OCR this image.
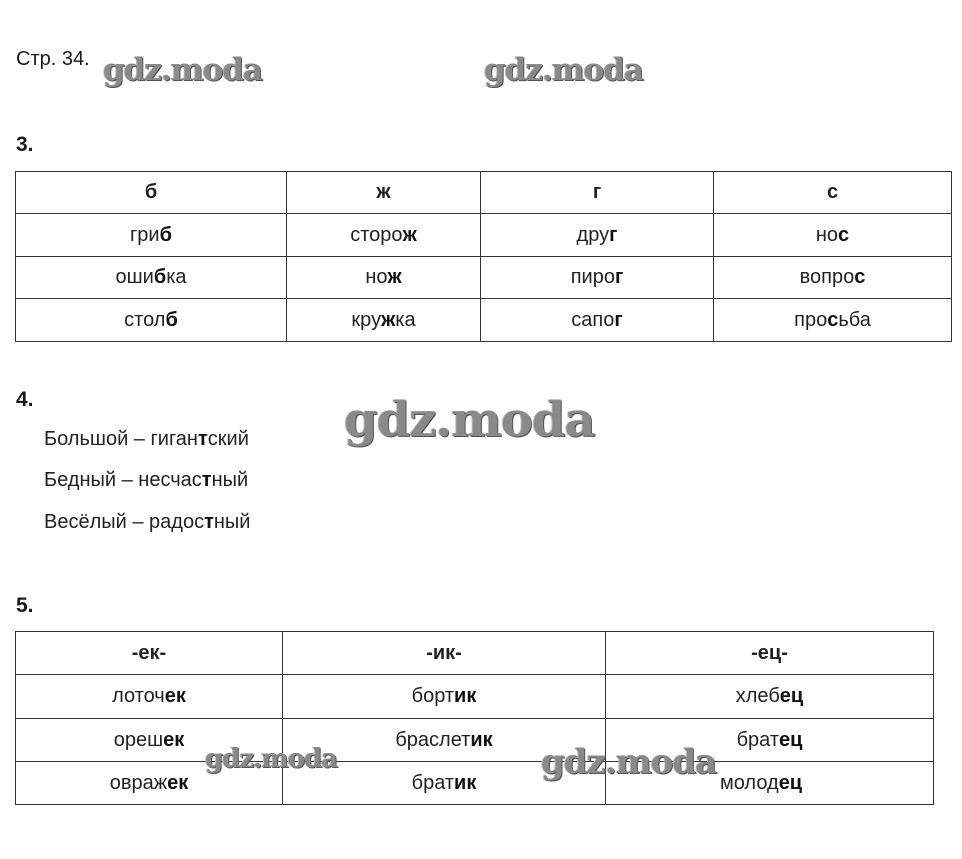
Стр. 34. gdz.moda	gdz.moda
3.
б	ж	г	с
гриб	сторож	друг	нос
ошибка	нож	пирог	вопрос
столб	кружка	сапог	просьба
4.	gdz.moda
Большой – гигантский
Бедный – несчастный
Весёлый – радостный
5.
-ек-	-ик-	-ец-
лоточек	бортик	хлебец
орешек	браслетик	братец
овражек	братик	молодец
gdz.moda	gdz.moda
